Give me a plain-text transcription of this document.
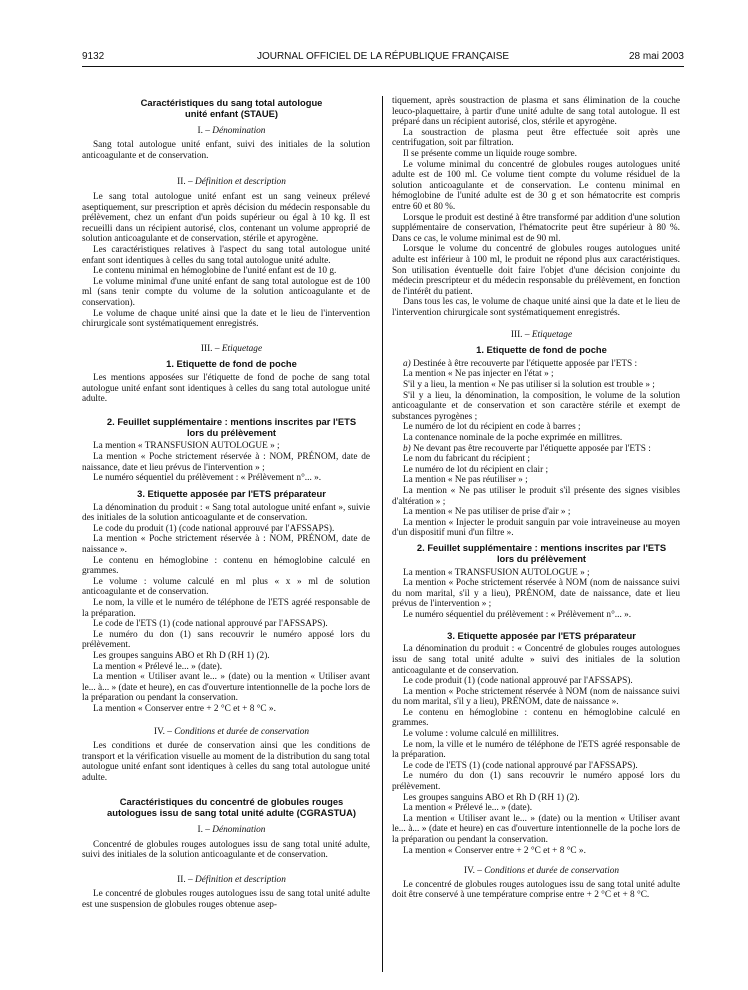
9132	JOURNAL OFFICIEL DE LA RÉPUBLIQUE FRANÇAISE	28 mai 2003

Caractéristiques du sang total autologue

unité enfant (STAUE)

I. – Dénomination

Sang total autologue unité enfant, suivi des initiales de la solution anticoagulante et de conservation.

II. – Définition et description

Le sang total autologue unité enfant est un sang veineux prélevé aseptiquement, sur prescription et après décision du médecin responsable du prélèvement, chez un enfant d'un poids supérieur ou égal à 10 kg. Il est recueilli dans un récipient autorisé, clos, contenant un volume approprié de solution anticoagulante et de conservation, stérile et apyrogène.

Les caractéristiques relatives à l'aspect du sang total autologue unité enfant sont identiques à celles du sang total autologue unité adulte.

Le contenu minimal en hémoglobine de l'unité enfant est de 10 g.

Le volume minimal d'une unité enfant de sang total autologue est de 100 ml (sans tenir compte du volume de la solution anticoagulante et de conservation).

Le volume de chaque unité ainsi que la date et le lieu de l'intervention chirurgicale sont systématiquement enregistrés.

III. – Etiquetage

1. Etiquette de fond de poche

Les mentions apposées sur l'étiquette de fond de poche de sang total autologue unité enfant sont identiques à celles du sang total autologue unité adulte.

2. Feuillet supplémentaire : mentions inscrites par l'ETS

lors du prélèvement

La mention « TRANSFUSION AUTOLOGUE » ;

La mention « Poche strictement réservée à : NOM, PRÉNOM, date de naissance, date et lieu prévus de l'intervention » ;

Le numéro séquentiel du prélèvement : « Prélèvement n°... ».

3. Etiquette apposée par l'ETS préparateur

La dénomination du produit : « Sang total autologue unité enfant », suivie des initiales de la solution anticoagulante et de conservation.

Le code du produit (1) (code national approuvé par l'AFSSAPS).

La mention « Poche strictement réservée à : NOM, PRÉNOM, date de naissance ».

Le contenu en hémoglobine : contenu en hémoglobine calculé en grammes.

Le volume : volume calculé en ml plus « x » ml de solution anticoagulante et de conservation.

Le nom, la ville et le numéro de téléphone de l'ETS agréé responsable de la préparation.

Le code de l'ETS (1) (code national approuvé par l'AFSSAPS).

Le numéro du don (1) sans recouvrir le numéro apposé lors du prélèvement.

Les groupes sanguins ABO et Rh D (RH 1) (2).

La mention « Prélevé le... » (date).

La mention « Utiliser avant le... » (date) ou la mention « Utiliser avant le... à... » (date et heure), en cas d'ouverture intentionnelle de la poche lors de la préparation ou pendant la conservation.

La mention « Conserver entre + 2 °C et + 8 °C ».

IV. – Conditions et durée de conservation

Les conditions et durée de conservation ainsi que les conditions de transport et la vérification visuelle au moment de la distribution du sang total autologue unité enfant sont identiques à celles du sang total autologue unité adulte.

Caractéristiques du concentré de globules rouges

autologues issu de sang total unité adulte (CGRASTUA)

I. – Dénomination

Concentré de globules rouges autologues issu de sang total unité adulte, suivi des initiales de la solution anticoagulante et de conservation.

II. – Définition et description

Le concentré de globules rouges autologues issu de sang total unité adulte est une suspension de globules rouges obtenue asep-

tiquement, après soustraction de plasma et sans élimination de la couche leuco-plaquettaire, à partir d'une unité adulte de sang total autologue. Il est préparé dans un récipient autorisé, clos, stérile et apyrogène.

La soustraction de plasma peut être effectuée soit après une centrifugation, soit par filtration.

Il se présente comme un liquide rouge sombre.

Le volume minimal du concentré de globules rouges autologues unité adulte est de 100 ml. Ce volume tient compte du volume résiduel de la solution anticoagulante et de conservation. Le contenu minimal en hémoglobine de l'unité adulte est de 30 g et son hématocrite est compris entre 60 et 80 %.

Lorsque le produit est destiné à être transformé par addition d'une solution supplémentaire de conservation, l'hématocrite peut être supérieur à 80 %. Dans ce cas, le volume minimal est de 90 ml.

Lorsque le volume du concentré de globules rouges autologues unité adulte est inférieur à 100 ml, le produit ne répond plus aux caractéristiques. Son utilisation éventuelle doit faire l'objet d'une décision conjointe du médecin prescripteur et du médecin responsable du prélèvement, en fonction de l'intérêt du patient.

Dans tous les cas, le volume de chaque unité ainsi que la date et le lieu de l'intervention chirurgicale sont systématiquement enregistrés.

III. – Etiquetage

1. Etiquette de fond de poche

a) Destinée à être recouverte par l'étiquette apposée par l'ETS :

La mention « Ne pas injecter en l'état » ;

S'il y a lieu, la mention « Ne pas utiliser si la solution est trouble » ;

S'il y a lieu, la dénomination, la composition, le volume de la solution anticoagulante et de conservation et son caractère stérile et exempt de substances pyrogènes ;

Le numéro de lot du récipient en code à barres ;

La contenance nominale de la poche exprimée en millitres.

b) Ne devant pas être recouverte par l'étiquette apposée par l'ETS :

Le nom du fabricant du récipient ;

Le numéro de lot du récipient en clair ;

La mention « Ne pas réutiliser » ;

La mention « Ne pas utiliser le produit s'il présente des signes visibles d'altération » ;

La mention « Ne pas utiliser de prise d'air » ;

La mention « Injecter le produit sanguin par voie intraveineuse au moyen d'un dispositif muni d'un filtre ».

2. Feuillet supplémentaire : mentions inscrites par l'ETS

lors du prélèvement

La mention « TRANSFUSION AUTOLOGUE » ;

La mention « Poche strictement réservée à NOM (nom de naissance suivi du nom marital, s'il y a lieu), PRÉNOM, date de naissance, date et lieu prévus de l'intervention » ;

Le numéro séquentiel du prélèvement : « Prélèvement n°... ».

3. Etiquette apposée par l'ETS préparateur

La dénomination du produit : « Concentré de globules rouges autologues issu de sang total unité adulte » suivi des initiales de la solution anticoagulante et de conservation.

Le code produit (1) (code national approuvé par l'AFSSAPS).

La mention « Poche strictement réservée à NOM (nom de naissance suivi du nom marital, s'il y a lieu), PRÉNOM, date de naissance ».

Le contenu en hémoglobine : contenu en hémoglobine calculé en grammes.

Le volume : volume calculé en millilitres.

Le nom, la ville et le numéro de téléphone de l'ETS agréé responsable de la préparation.

Le code de l'ETS (1) (code national approuvé par l'AFSSAPS).

Le numéro du don (1) sans recouvrir le numéro apposé lors du prélèvement.

Les groupes sanguins ABO et Rh D (RH 1) (2).

La mention « Prélevé le... » (date).

La mention « Utiliser avant le... » (date) ou la mention « Utiliser avant le... à... » (date et heure) en cas d'ouverture intentionnelle de la poche lors de la préparation ou pendant la conservation.

La mention « Conserver entre + 2 °C et + 8 °C ».

IV. – Conditions et durée de conservation

Le concentré de globules rouges autologues issu de sang total unité adulte doit être conservé à une température comprise entre + 2 °C et + 8 °C.
